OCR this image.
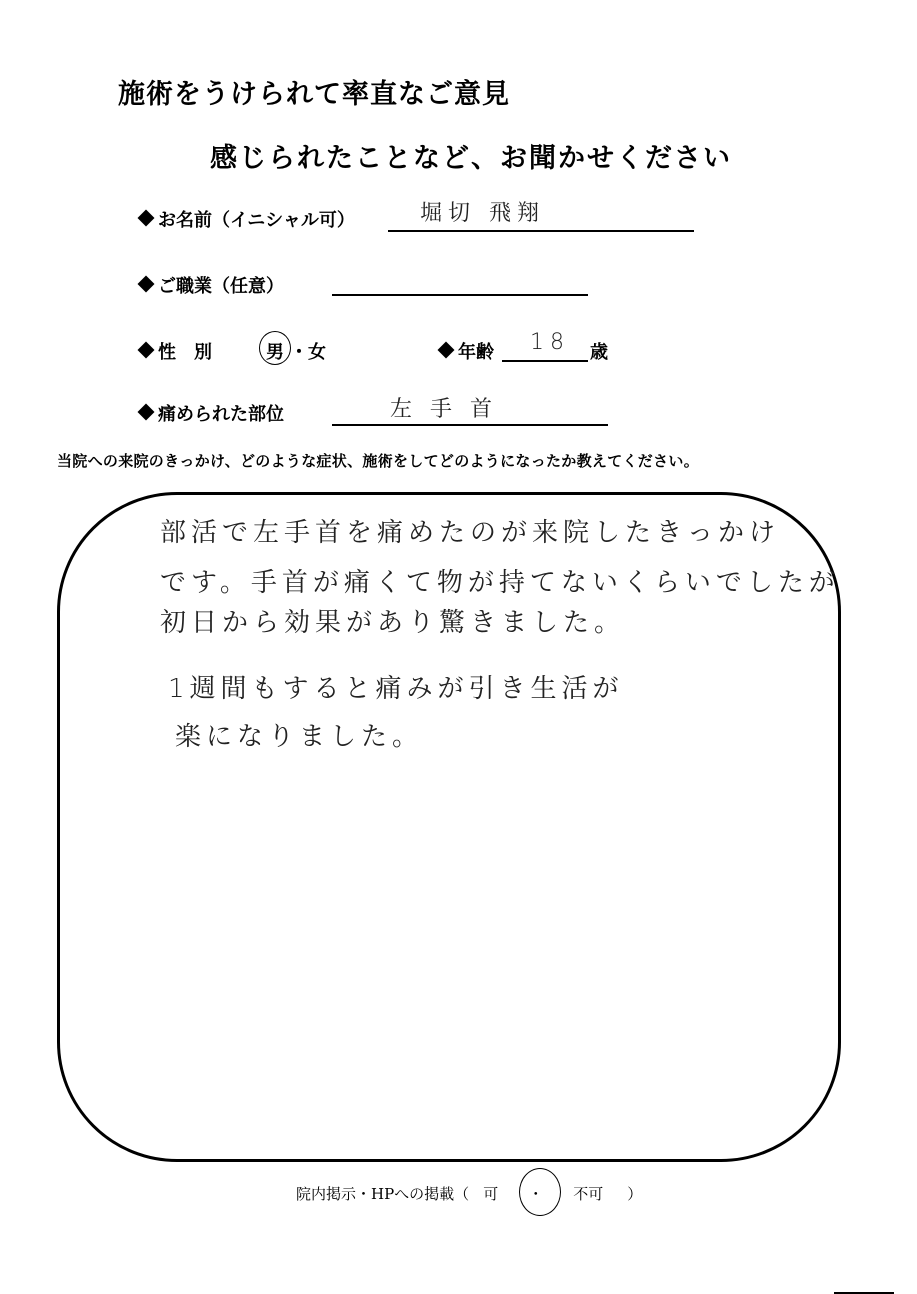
施術をうけられて率直なご意見
感じられたことなど、お聞かせください
お名前（イニシャル可）	堀切 飛翔
ご職業（任意）
性　別	男 ・ 女	年齢 18 歳
痛められた部位	左手首
当院への来院のきっかけ、どのような症状、施術をしてどのようになったか教えてください。
部活で左手首を痛めたのが来院したきっかけ
です。手首が痛くて物が持てないくらいでしたが
初日から効果があり驚きました。
1週間もすると痛みが引き生活が
楽になりました。
院内掲示・HPへの掲載（ 可 ・ 不可 ）
